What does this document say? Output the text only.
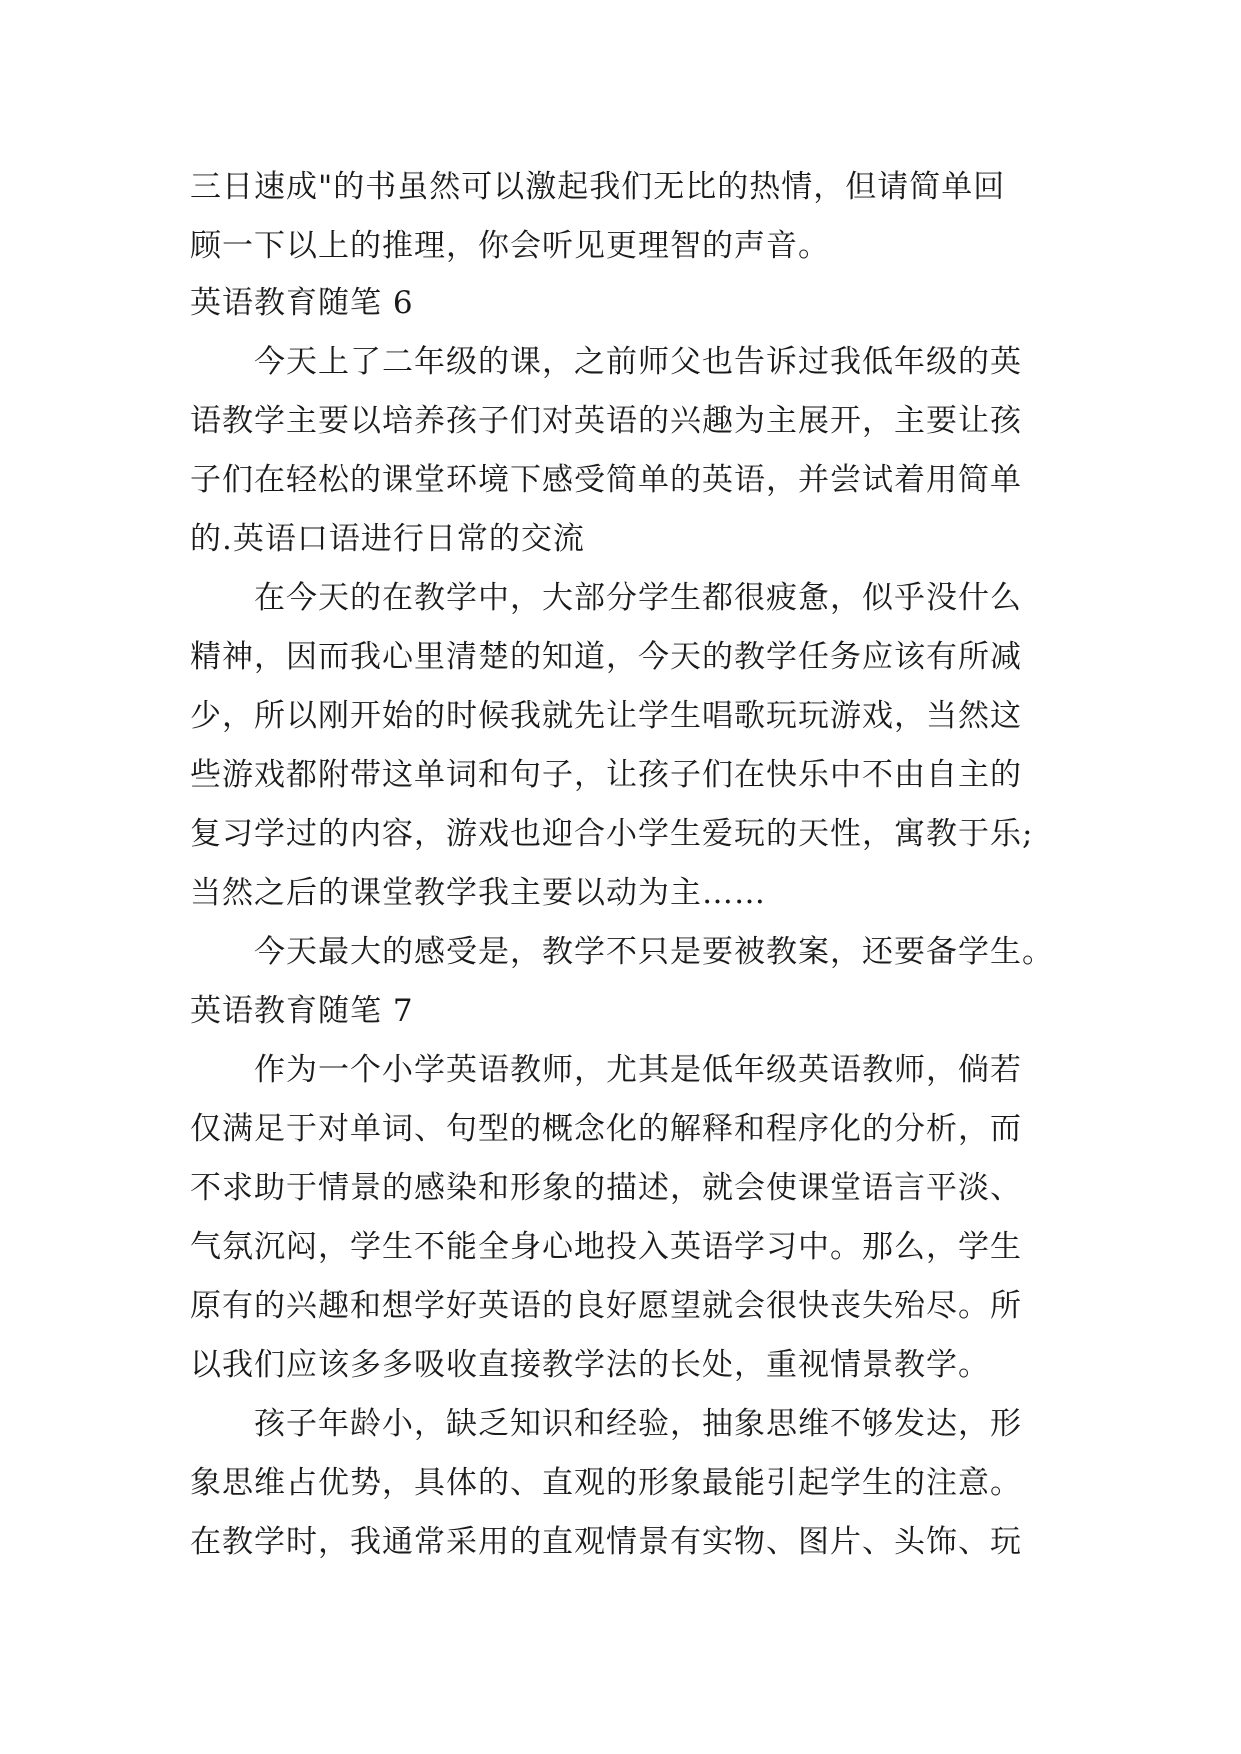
三日速成"的书虽然可以激起我们无比的热情，但请简单回
顾一下以上的推理，你会听见更理智的声音。
英语教育随笔 6
今天上了二年级的课，之前师父也告诉过我低年级的英
语教学主要以培养孩子们对英语的兴趣为主展开，主要让孩
子们在轻松的课堂环境下感受简单的英语，并尝试着用简单
的.英语口语进行日常的交流
在今天的在教学中，大部分学生都很疲惫，似乎没什么
精神，因而我心里清楚的知道，今天的教学任务应该有所减
少，所以刚开始的时候我就先让学生唱歌玩玩游戏，当然这
些游戏都附带这单词和句子，让孩子们在快乐中不由自主的
复习学过的内容，游戏也迎合小学生爱玩的天性，寓教于乐;
当然之后的课堂教学我主要以动为主……
今天最大的感受是，教学不只是要被教案，还要备学生。
英语教育随笔 7
作为一个小学英语教师，尤其是低年级英语教师，倘若
仅满足于对单词、句型的概念化的解释和程序化的分析，而
不求助于情景的感染和形象的描述，就会使课堂语言平淡、
气氛沉闷，学生不能全身心地投入英语学习中。那么，学生
原有的兴趣和想学好英语的良好愿望就会很快丧失殆尽。所
以我们应该多多吸收直接教学法的长处，重视情景教学。
孩子年龄小，缺乏知识和经验，抽象思维不够发达，形
象思维占优势，具体的、直观的形象最能引起学生的注意。
在教学时，我通常采用的直观情景有实物、图片、头饰、玩
